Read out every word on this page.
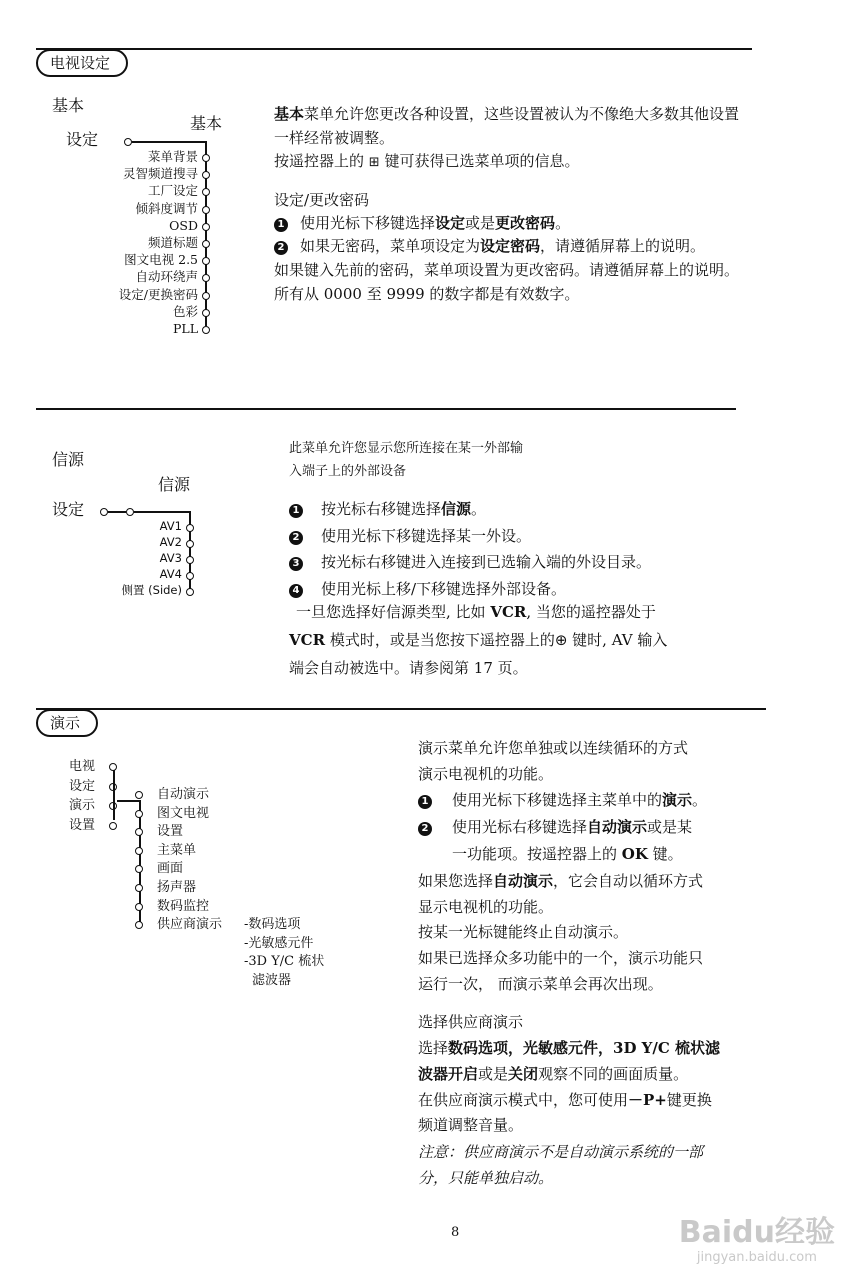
电视设定
基本
设定
基本
菜单背景
灵智频道搜寻
工厂设定
倾斜度调节
OSD
频道标题
图文电视 2.5
自动环绕声
设定/更换密码
色彩
PLL
基本菜单允许您更改各种设置，这些设置被认为不像绝大多数其他设置
一样经常被调整。
按遥控器上的 ⊞ 键可获得已选菜单项的信息。
设定/更改密码
1 使用光标下移键选择设定或是更改密码。
2 如果无密码，菜单项设定为设定密码，请遵循屏幕上的说明。
如果键入先前的密码，菜单项设置为更改密码。请遵循屏幕上的说明。
所有从 0000 至 9999 的数字都是有效数字。
信源
信源
设定
AV1
AV2
AV3
AV4
侧置 (Side)
此菜单允许您显示您所连接在某一外部输
入端子上的外部设备
1 按光标右移键选择信源。
2 使用光标下移键选择某一外设。
3 按光标右移键进入连接到已选输入端的外设目录。
4 使用光标上移/下移键选择外部设备。
一旦您选择好信源类型, 比如 VCR, 当您的遥控器处于
VCR 模式时，或是当您按下遥控器上的⊕ 键时, AV 输入
端会自动被选中。请参阅第 17 页。
演示
电视
设定
演示
设置
自动演示
图文电视
设置
主菜单
画面
扬声器
数码监控
供应商演示 -数码选项
-光敏感元件
-3D Y/C 梳状
滤波器
演示菜单允许您单独或以连续循环的方式
演示电视机的功能。
1 使用光标下移键选择主菜单中的演示。
2 使用光标右移键选择自动演示或是某
一功能项。按遥控器上的 OK 键。
如果您选择自动演示，它会自动以循环方式
显示电视机的功能。
按某一光标键能终止自动演示。
如果已选择众多功能中的一个，演示功能只
运行一次， 而演示菜单会再次出现。
选择供应商演示
选择数码选项，光敏感元件，3D Y/C 梳状滤
波器开启或是关闭观察不同的画面质量。
在供应商演示模式中，您可使用－P+键更换
频道调整音量。
注意：供应商演示不是自动演示系统的一部
分，只能单独启动。
8	Baidu经验
jingyan.baidu.com
